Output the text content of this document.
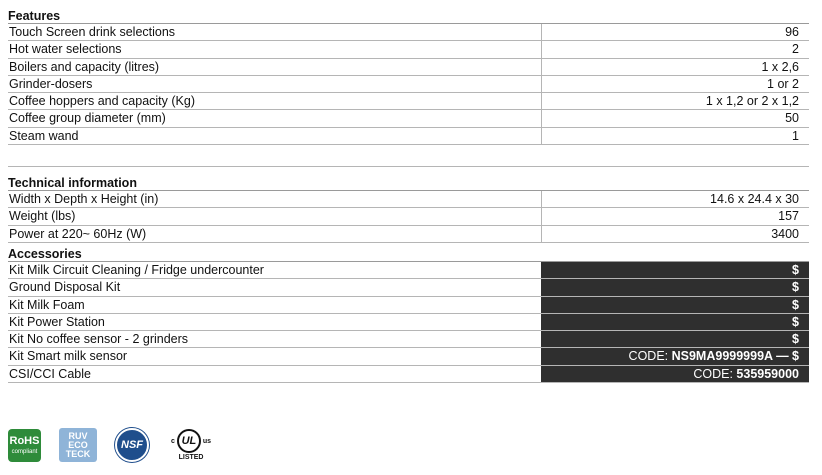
Features
Touch Screen drink selections	96
Hot water selections	2
Boilers and capacity (litres)	1 x 2,6
Grinder-dosers	1 or 2
Coffee hoppers and capacity (Kg)	1 x 1,2 or 2 x 1,2
Coffee group diameter (mm)	50
Steam wand	1
Technical information
Width x Depth x Height (in)	14.6 x 24.4 x 30
Weight (lbs)	157
Power at 220~ 60Hz (W)	3400
Accessories
Kit Milk Circuit Cleaning / Fridge undercounter	$
Ground Disposal Kit	$
Kit Milk Foam	$
Kit Power Station	$
Kit No coffee sensor - 2 grinders	$
Kit Smart milk sensor	CODE: NS9MA9999999A — $
CSI/CCI Cable	CODE: 535959000
RoHS
compliant
RUV
ECO
TECK
NSF	c UL us
LISTED
